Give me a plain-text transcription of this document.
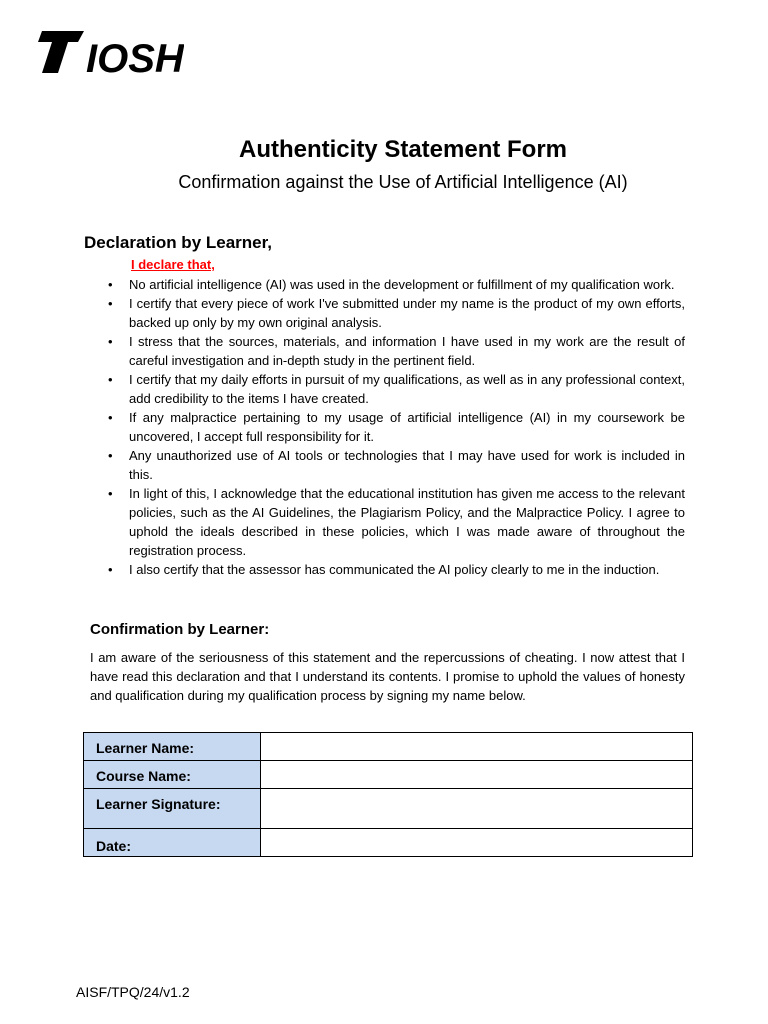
IOSH
Authenticity Statement Form
Confirmation against the Use of Artificial Intelligence (AI)
Declaration by Learner,
I declare that,
• No artificial intelligence (AI) was used in the development or fulfillment of my qualification work.
• I certify that every piece of work I've submitted under my name is the product of my own efforts, backed up only by my own original analysis.
• I stress that the sources, materials, and information I have used in my work are the result of careful investigation and in-depth study in the pertinent field.
• I certify that my daily efforts in pursuit of my qualifications, as well as in any professional context, add credibility to the items I have created.
• If any malpractice pertaining to my usage of artificial intelligence (AI) in my coursework be uncovered, I accept full responsibility for it.
• Any unauthorized use of AI tools or technologies that I may have used for work is included in this.
• In light of this, I acknowledge that the educational institution has given me access to the relevant policies, such as the AI Guidelines, the Plagiarism Policy, and the Malpractice Policy. I agree to uphold the ideals described in these policies, which I was made aware of throughout the registration process.
• I also certify that the assessor has communicated the AI policy clearly to me in the induction.
Confirmation by Learner:

I am aware of the seriousness of this statement and the repercussions of cheating. I now attest that I have read this declaration and that I understand its contents. I promise to uphold the values of honesty and qualification during my qualification process by signing my name below.

Learner Name:	
Course Name:	
Learner Signature:	
Date:	
AISF/TPQ/24/v1.2
